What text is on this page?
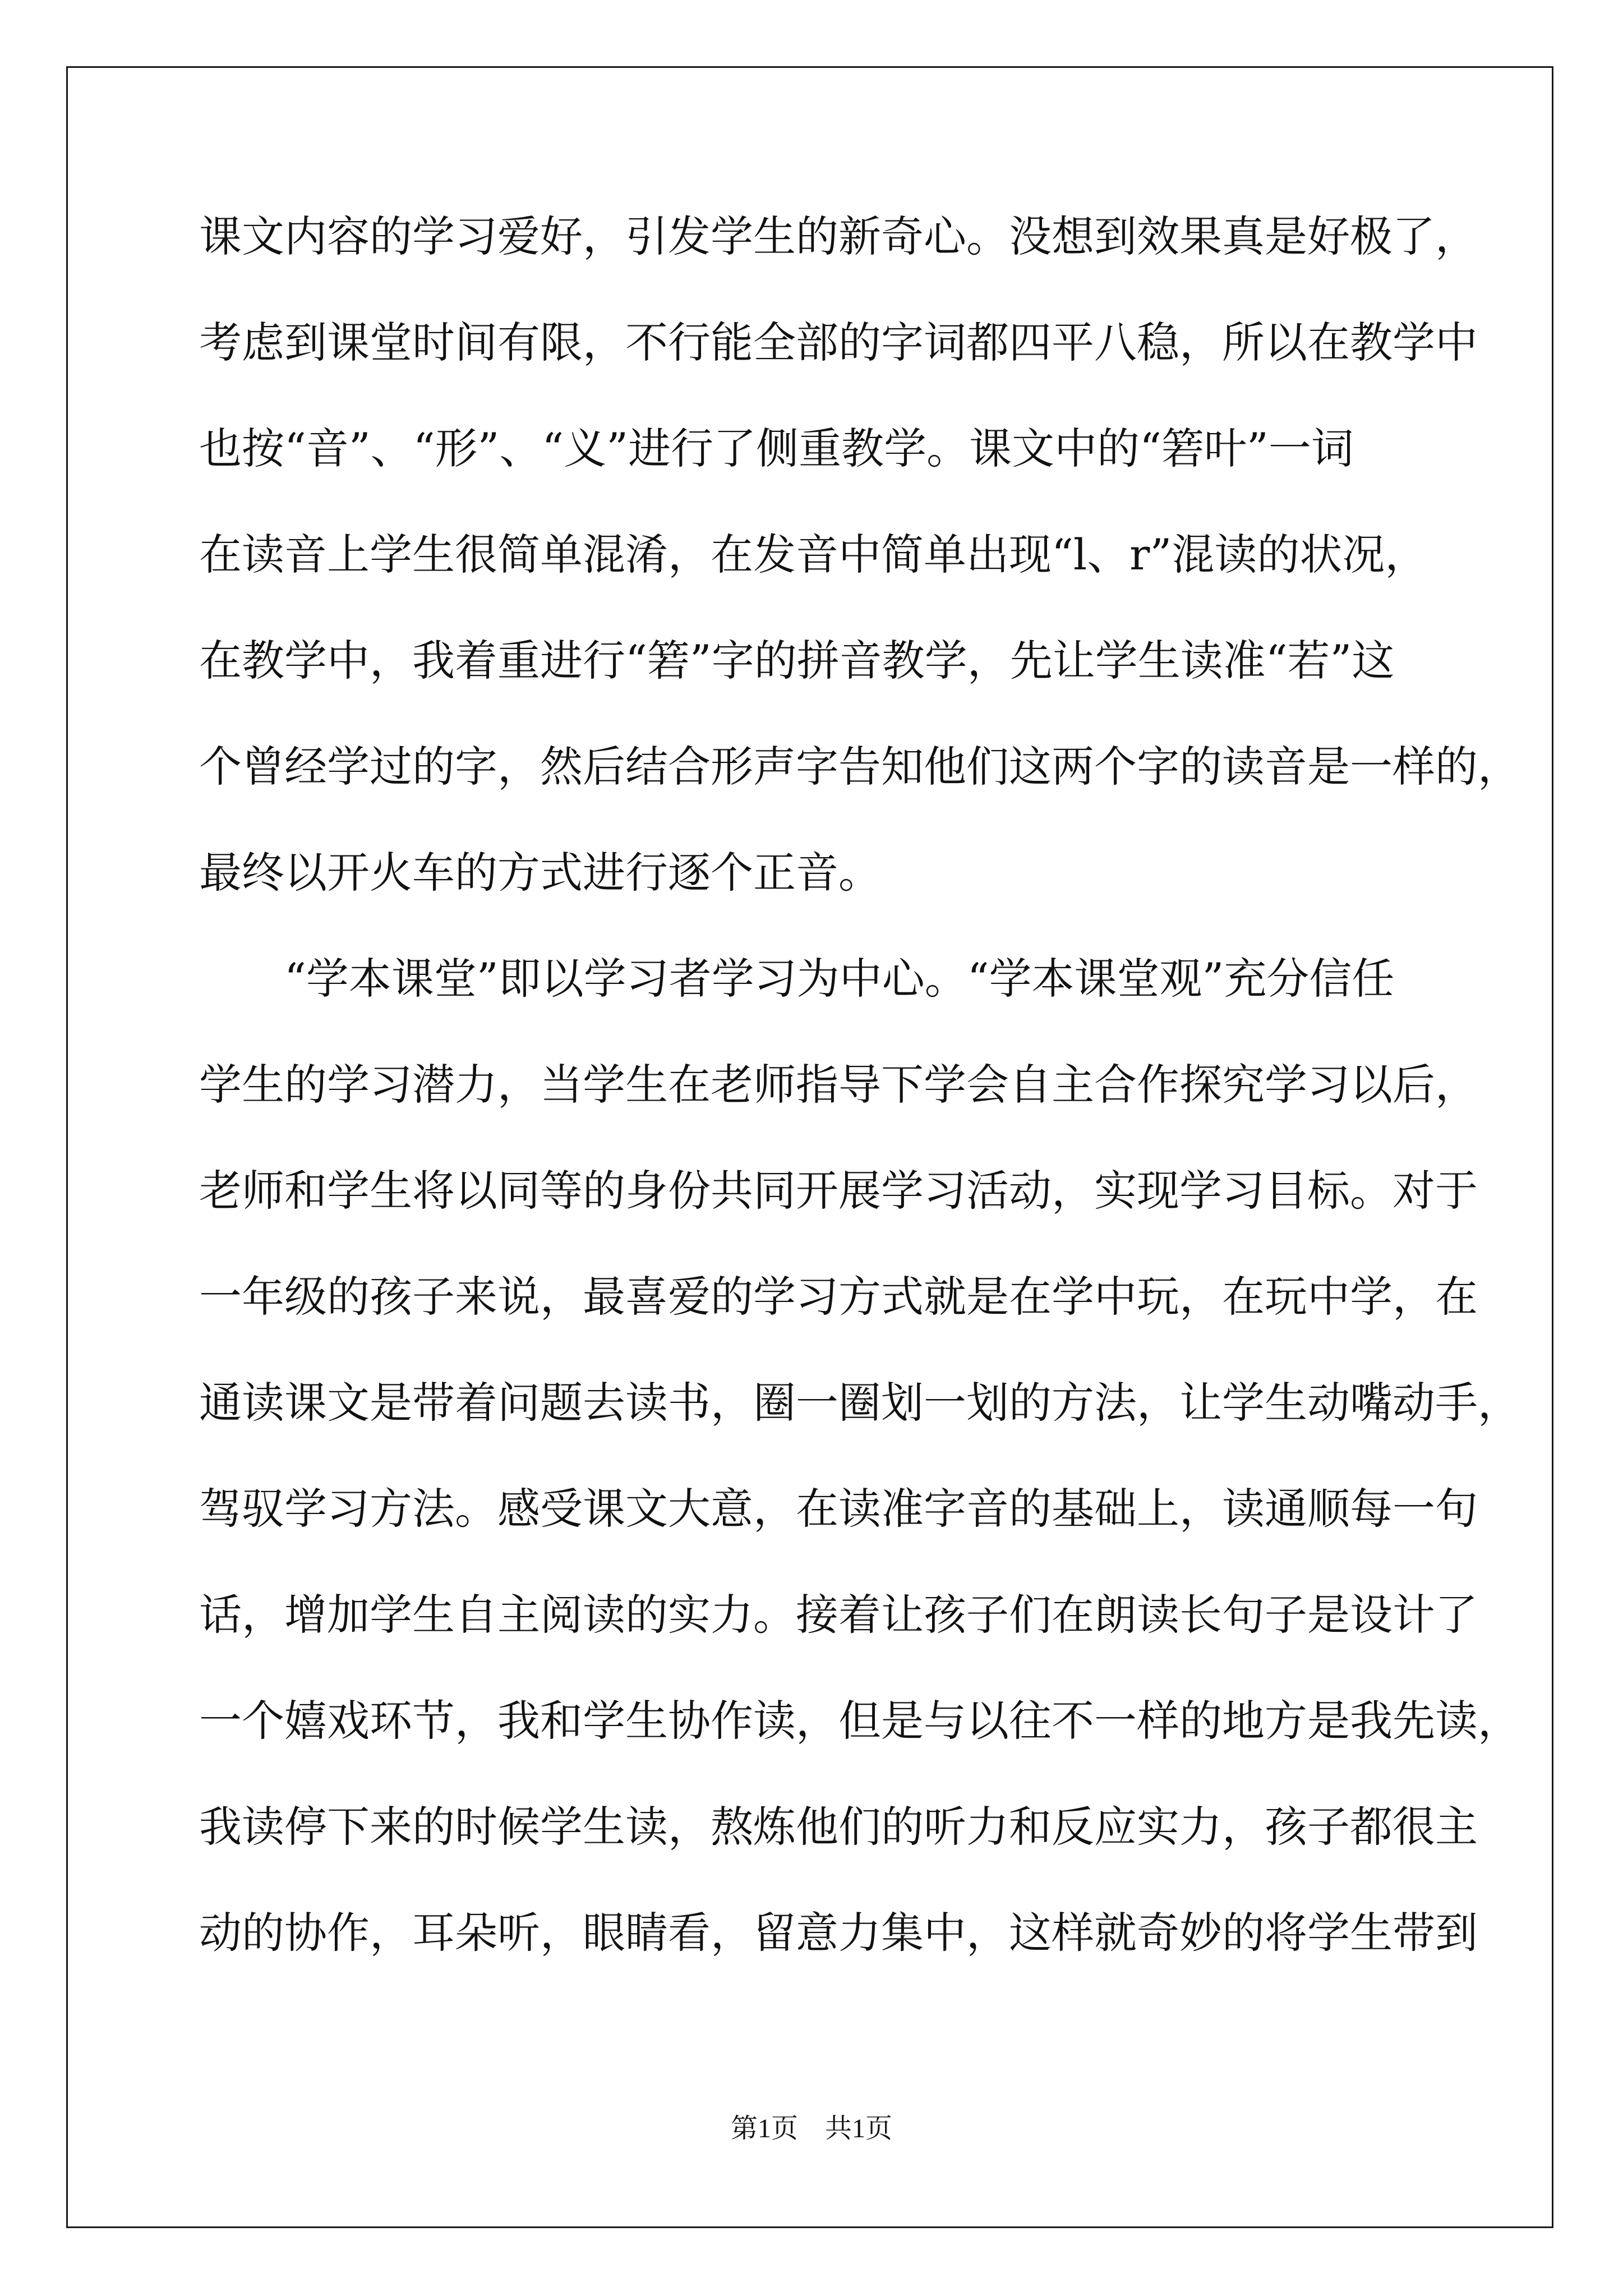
课文内容的学习爱好，引发学生的新奇心。没想到效果真是好极了，
考虑到课堂时间有限，不行能全部的字词都四平八稳，所以在教学中
也按“音”、“形”、“义”进行了侧重教学。课文中的“箬叶”一词
在读音上学生很简单混淆，在发音中简单出现“l、r”混读的状况，
在教学中，我着重进行“箬”字的拼音教学，先让学生读准“若”这
个曾经学过的字，然后结合形声字告知他们这两个字的读音是一样的，
最终以开火车的方式进行逐个正音。
　　“学本课堂”即以学习者学习为中心。“学本课堂观”充分信任
学生的学习潜力，当学生在老师指导下学会自主合作探究学习以后，
老师和学生将以同等的身份共同开展学习活动，实现学习目标。对于
一年级的孩子来说，最喜爱的学习方式就是在学中玩，在玩中学，在
通读课文是带着问题去读书，圈一圈划一划的方法，让学生动嘴动手，
驾驭学习方法。感受课文大意，在读准字音的基础上，读通顺每一句
话，增加学生自主阅读的实力。接着让孩子们在朗读长句子是设计了
一个嬉戏环节，我和学生协作读，但是与以往不一样的地方是我先读，
我读停下来的时候学生读，熬炼他们的听力和反应实力，孩子都很主
动的协作，耳朵听，眼睛看，留意力集中，这样就奇妙的将学生带到
第1页　共1页
